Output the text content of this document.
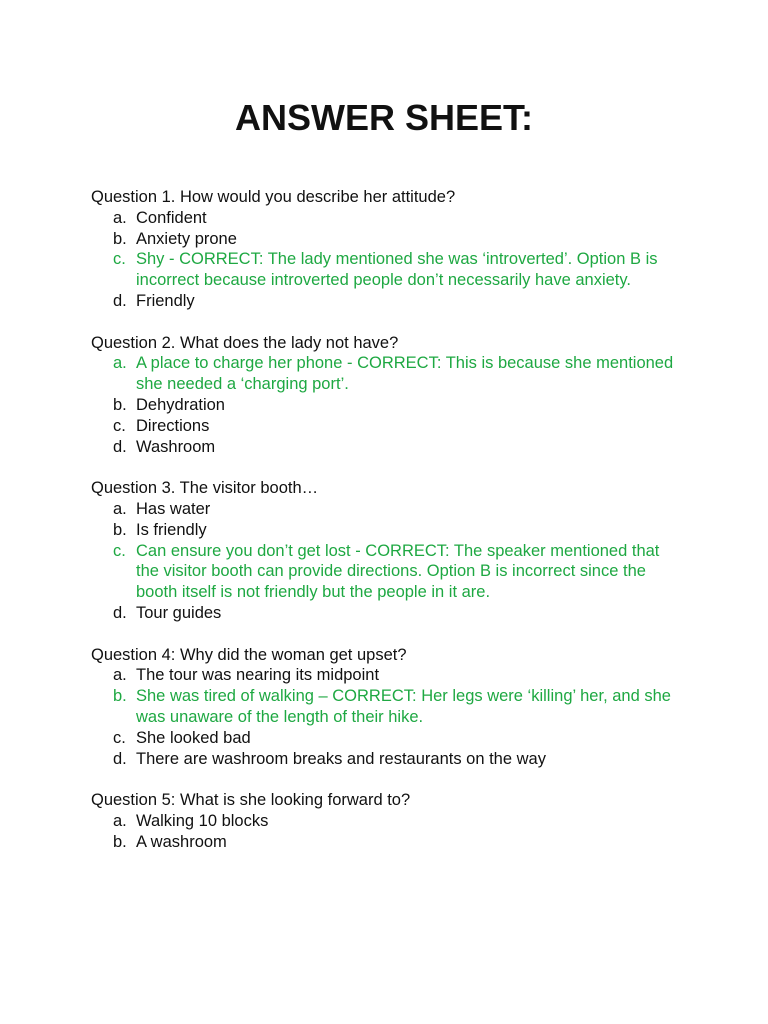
ANSWER SHEET:
Question 1. How would you describe her attitude?
a. Confident
b. Anxiety prone
c. Shy - CORRECT: The lady mentioned she was ‘introverted’. Option B is incorrect because introverted people don’t necessarily have anxiety.
d. Friendly
Question 2. What does the lady not have?
a. A place to charge her phone - CORRECT: This is because she mentioned she needed a ‘charging port’.
b. Dehydration
c. Directions
d. Washroom
Question 3. The visitor booth…
a. Has water
b. Is friendly
c. Can ensure you don’t get lost - CORRECT: The speaker mentioned that the visitor booth can provide directions. Option B is incorrect since the booth itself is not friendly but the people in it are.
d. Tour guides
Question 4: Why did the woman get upset?
a. The tour was nearing its midpoint
b. She was tired of walking – CORRECT: Her legs were ‘killing’ her, and she was unaware of the length of their hike.
c. She looked bad
d. There are washroom breaks and restaurants on the way
Question 5: What is she looking forward to?
a. Walking 10 blocks
b. A washroom
